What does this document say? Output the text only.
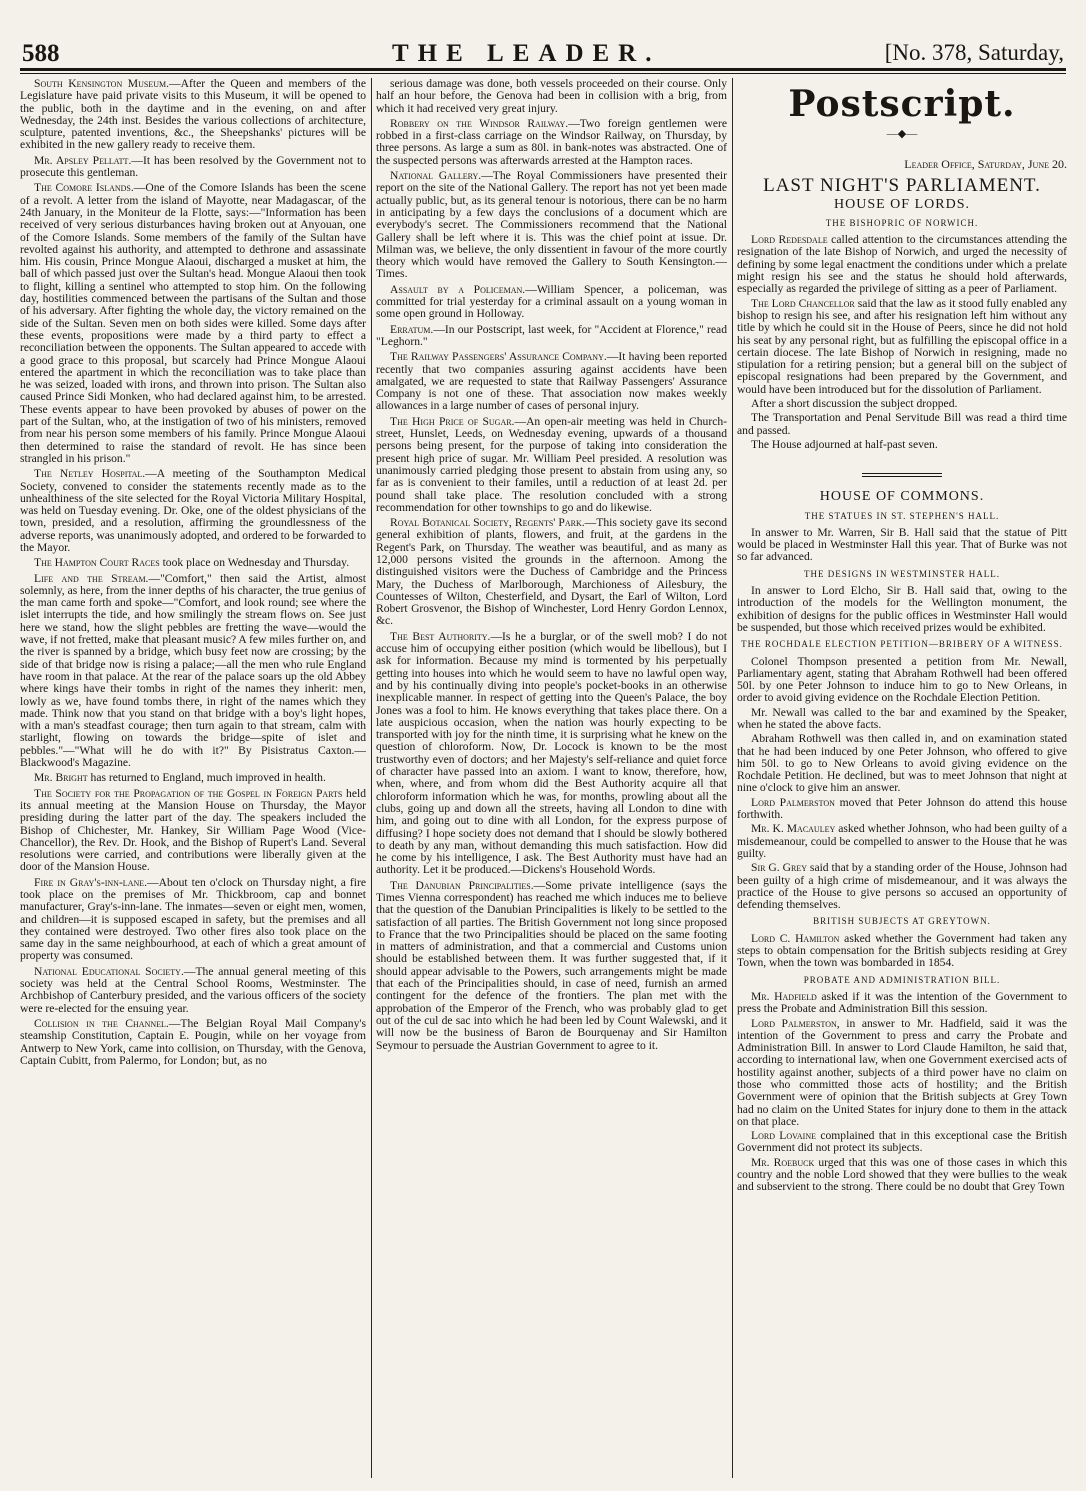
588	THE LEADER.	[No. 378, Saturday,

South Kensington Museum.—After the Queen and members of the Legislature have paid private visits to this Museum, it will be opened to the public, both in the daytime and in the evening, on and after Wednesday, the 24th inst. Besides the various collections of architecture, sculpture, patented inventions, &c., the Sheepshanks' pictures will be exhibited in the new gallery ready to receive them.

Mr. Apsley Pellatt.—It has been resolved by the Government not to prosecute this gentleman.

The Comore Islands.—One of the Comore Islands has been the scene of a revolt. A letter from the island of Mayotte, near Madagascar, of the 24th January, in the Moniteur de la Flotte, says:—"Information has been received of very serious disturbances having broken out at Anyouan, one of the Comore Islands. Some members of the family of the Sultan have revolted against his authority, and attempted to dethrone and assassinate him. His cousin, Prince Mongue Alaoui, discharged a musket at him, the ball of which passed just over the Sultan's head. Mongue Alaoui then took to flight, killing a sentinel who attempted to stop him. On the following day, hostilities commenced between the partisans of the Sultan and those of his adversary. After fighting the whole day, the victory remained on the side of the Sultan. Seven men on both sides were killed. Some days after these events, propositions were made by a third party to effect a reconciliation between the opponents. The Sultan appeared to accede with a good grace to this proposal, but scarcely had Prince Mongue Alaoui entered the apartment in which the reconciliation was to take place than he was seized, loaded with irons, and thrown into prison. The Sultan also caused Prince Sidi Monken, who had declared against him, to be arrested. These events appear to have been provoked by abuses of power on the part of the Sultan, who, at the instigation of two of his ministers, removed from near his person some members of his family. Prince Mongue Alaoui then determined to raise the standard of revolt. He has since been strangled in his prison."

The Netley Hospital.—A meeting of the Southampton Medical Society, convened to consider the statements recently made as to the unhealthiness of the site selected for the Royal Victoria Military Hospital, was held on Tuesday evening. Dr. Oke, one of the oldest physicians of the town, presided, and a resolution, affirming the groundlessness of the adverse reports, was unanimously adopted, and ordered to be forwarded to the Mayor.

The Hampton Court Races took place on Wednesday and Thursday.

Life and the Stream.—"Comfort," then said the Artist, almost solemnly, as here, from the inner depths of his character, the true genius of the man came forth and spoke—"Comfort, and look round; see where the islet interrupts the tide, and how smilingly the stream flows on. See just here we stand, how the slight pebbles are fretting the wave—would the wave, if not fretted, make that pleasant music? A few miles further on, and the river is spanned by a bridge, which busy feet now are crossing; by the side of that bridge now is rising a palace;—all the men who rule England have room in that palace. At the rear of the palace soars up the old Abbey where kings have their tombs in right of the names they inherit: men, lowly as we, have found tombs there, in right of the names which they made. Think now that you stand on that bridge with a boy's light hopes, with a man's steadfast courage; then turn again to that stream, calm with starlight, flowing on towards the bridge—spite of islet and pebbles."—"What will he do with it?" By Pisistratus Caxton.—Blackwood's Magazine.

Mr. Bright has returned to England, much improved in health.

The Society for the Propagation of the Gospel in Foreign Parts held its annual meeting at the Mansion House on Thursday, the Mayor presiding during the latter part of the day. The speakers included the Bishop of Chichester, Mr. Hankey, Sir William Page Wood (Vice-Chancellor), the Rev. Dr. Hook, and the Bishop of Rupert's Land. Several resolutions were carried, and contributions were liberally given at the door of the Mansion House.

Fire in Gray's-inn-lane.—About ten o'clock on Thursday night, a fire took place on the premises of Mr. Thickbroom, cap and bonnet manufacturer, Gray's-inn-lane. The inmates—seven or eight men, women, and children—it is supposed escaped in safety, but the premises and all they contained were destroyed. Two other fires also took place on the same day in the same neighbourhood, at each of which a great amount of property was consumed.

National Educational Society.—The annual general meeting of this society was held at the Central School Rooms, Westminster. The Archbishop of Canterbury presided, and the various officers of the society were re-elected for the ensuing year.

Collision in the Channel.—The Belgian Royal Mail Company's steamship Constitution, Captain E. Pougin, while on her voyage from Antwerp to New York, came into collision, on Thursday, with the Genova, Captain Cubitt, from Palermo, for London; but, as no

serious damage was done, both vessels proceeded on their course. Only half an hour before, the Genova had been in collision with a brig, from which it had received very great injury.

Robbery on the Windsor Railway.—Two foreign gentlemen were robbed in a first-class carriage on the Windsor Railway, on Thursday, by three persons. As large a sum as 80l. in bank-notes was abstracted. One of the suspected persons was afterwards arrested at the Hampton races.

National Gallery.—The Royal Commissioners have presented their report on the site of the National Gallery. The report has not yet been made actually public, but, as its general tenour is notorious, there can be no harm in anticipating by a few days the conclusions of a document which are everybody's secret. The Commissioners recommend that the National Gallery shall be left where it is. This was the chief point at issue. Dr. Milman was, we believe, the only dissentient in favour of the more courtly theory which would have removed the Gallery to South Kensington.—Times.

Assault by a Policeman.—William Spencer, a policeman, was committed for trial yesterday for a criminal assault on a young woman in some open ground in Holloway.

Erratum.—In our Postscript, last week, for "Accident at Florence," read "Leghorn."

The Railway Passengers' Assurance Company.—It having been reported recently that two companies assuring against accidents have been amalgated, we are requested to state that Railway Passengers' Assurance Company is not one of these. That association now makes weekly allowances in a large number of cases of personal injury.

The High Price of Sugar.—An open-air meeting was held in Church-street, Hunslet, Leeds, on Wednesday evening, upwards of a thousand persons being present, for the purpose of taking into consideration the present high price of sugar. Mr. William Peel presided. A resolution was unanimously carried pledging those present to abstain from using any, so far as is convenient to their familes, until a reduction of at least 2d. per pound shall take place. The resolution concluded with a strong recommendation for other townships to go and do likewise.

Royal Botanical Society, Regents' Park.—This society gave its second general exhibition of plants, flowers, and fruit, at the gardens in the Regent's Park, on Thursday. The weather was beautiful, and as many as 12,000 persons visited the grounds in the afternoon. Among the distinguished visitors were the Duchess of Cambridge and the Princess Mary, the Duchess of Marlborough, Marchioness of Ailesbury, the Countesses of Wilton, Chesterfield, and Dysart, the Earl of Wilton, Lord Robert Grosvenor, the Bishop of Winchester, Lord Henry Gordon Lennox, &c.

The Best Authority.—Is he a burglar, or of the swell mob? I do not accuse him of occupying either position (which would be libellous), but I ask for information. Because my mind is tormented by his perpetually getting into houses into which he would seem to have no lawful open way, and by his continually diving into people's pocket-books in an otherwise inexplicable manner. In respect of getting into the Queen's Palace, the boy Jones was a fool to him. He knows everything that takes place there. On a late auspicious occasion, when the nation was hourly expecting to be transported with joy for the ninth time, it is surprising what he knew on the question of chloroform. Now, Dr. Locock is known to be the most trustworthy even of doctors; and her Majesty's self-reliance and quiet force of character have passed into an axiom. I want to know, therefore, how, when, where, and from whom did the Best Authority acquire all that chloroform information which he was, for months, prowling about all the clubs, going up and down all the streets, having all London to dine with him, and going out to dine with all London, for the express purpose of diffusing? I hope society does not demand that I should be slowly bothered to death by any man, without demanding this much satisfaction. How did he come by his intelligence, I ask. The Best Authority must have had an authority. Let it be produced.—Dickens's Household Words.

The Danubian Principalities.—Some private intelligence (says the Times Vienna correspondent) has reached me which induces me to believe that the question of the Danubian Principalities is likely to be settled to the satisfaction of all parties. The British Government not long since proposed to France that the two Principalities should be placed on the same footing in matters of administration, and that a commercial and Customs union should be established between them. It was further suggested that, if it should appear advisable to the Powers, such arrangements might be made that each of the Principalities should, in case of need, furnish an armed contingent for the defence of the frontiers. The plan met with the approbation of the Emperor of the French, who was probably glad to get out of the cul de sac into which he had been led by Count Walewski, and it will now be the business of Baron de Bourquenay and Sir Hamilton Seymour to persuade the Austrian Government to agree to it.

Postscript.
—◆—
Leader Office, Saturday, June 20.
LAST NIGHT'S PARLIAMENT.
HOUSE OF LORDS.
THE BISHOPRIC OF NORWICH.

Lord Redesdale called attention to the circumstances attending the resignation of the late Bishop of Norwich, and urged the necessity of defining by some legal enactment the conditions under which a prelate might resign his see and the status he should hold afterwards, especially as regarded the privilege of sitting as a peer of Parliament.

The Lord Chancellor said that the law as it stood fully enabled any bishop to resign his see, and after his resignation left him without any title by which he could sit in the House of Peers, since he did not hold his seat by any personal right, but as fulfilling the episcopal office in a certain diocese. The late Bishop of Norwich in resigning, made no stipulation for a retiring pension; but a general bill on the subject of episcopal resignations had been prepared by the Government, and would have been introduced but for the dissolution of Parliament.

After a short discussion the subject dropped.

The Transportation and Penal Servitude Bill was read a third time and passed.

The House adjourned at half-past seven.

HOUSE OF COMMONS.
THE STATUES IN ST. STEPHEN'S HALL.

In answer to Mr. Warren, Sir B. Hall said that the statue of Pitt would be placed in Westminster Hall this year. That of Burke was not so far advanced.

THE DESIGNS IN WESTMINSTER HALL.

In answer to Lord Elcho, Sir B. Hall said that, owing to the introduction of the models for the Wellington monument, the exhibition of designs for the public offices in Westminster Hall would be suspended, but those which received prizes would be exhibited.

THE ROCHDALE ELECTION PETITION—BRIBERY OF A WITNESS.

Colonel Thompson presented a petition from Mr. Newall, Parliamentary agent, stating that Abraham Rothwell had been offered 50l. by one Peter Johnson to induce him to go to New Orleans, in order to avoid giving evidence on the Rochdale Election Petition.

Mr. Newall was called to the bar and examined by the Speaker, when he stated the above facts.

Abraham Rothwell was then called in, and on examination stated that he had been induced by one Peter Johnson, who offered to give him 50l. to go to New Orleans to avoid giving evidence on the Rochdale Petition. He declined, but was to meet Johnson that night at nine o'clock to give him an answer.

Lord Palmerston moved that Peter Johnson do attend this house forthwith.

Mr. K. Macauley asked whether Johnson, who had been guilty of a misdemeanour, could be compelled to answer to the House that he was guilty.

Sir G. Grey said that by a standing order of the House, Johnson had been guilty of a high crime of misdemeanour, and it was always the practice of the House to give persons so accused an opportunity of defending themselves.

BRITISH SUBJECTS AT GREYTOWN.

Lord C. Hamilton asked whether the Government had taken any steps to obtain compensation for the British subjects residing at Grey Town, when the town was bombarded in 1854.

PROBATE AND ADMINISTRATION BILL.

Mr. Hadfield asked if it was the intention of the Government to press the Probate and Administration Bill this session.

Lord Palmerston, in answer to Mr. Hadfield, said it was the intention of the Government to press and carry the Probate and Administration Bill. In answer to Lord Claude Hamilton, he said that, according to international law, when one Government exercised acts of hostility against another, subjects of a third power have no claim on those who committed those acts of hostility; and the British Government were of opinion that the British subjects at Grey Town had no claim on the United States for injury done to them in the attack on that place.

Lord Lovaine complained that in this exceptional case the British Government did not protect its subjects.

Mr. Roebuck urged that this was one of those cases in which this country and the noble Lord showed that they were bullies to the weak and subservient to the strong. There could be no doubt that Grey Town
